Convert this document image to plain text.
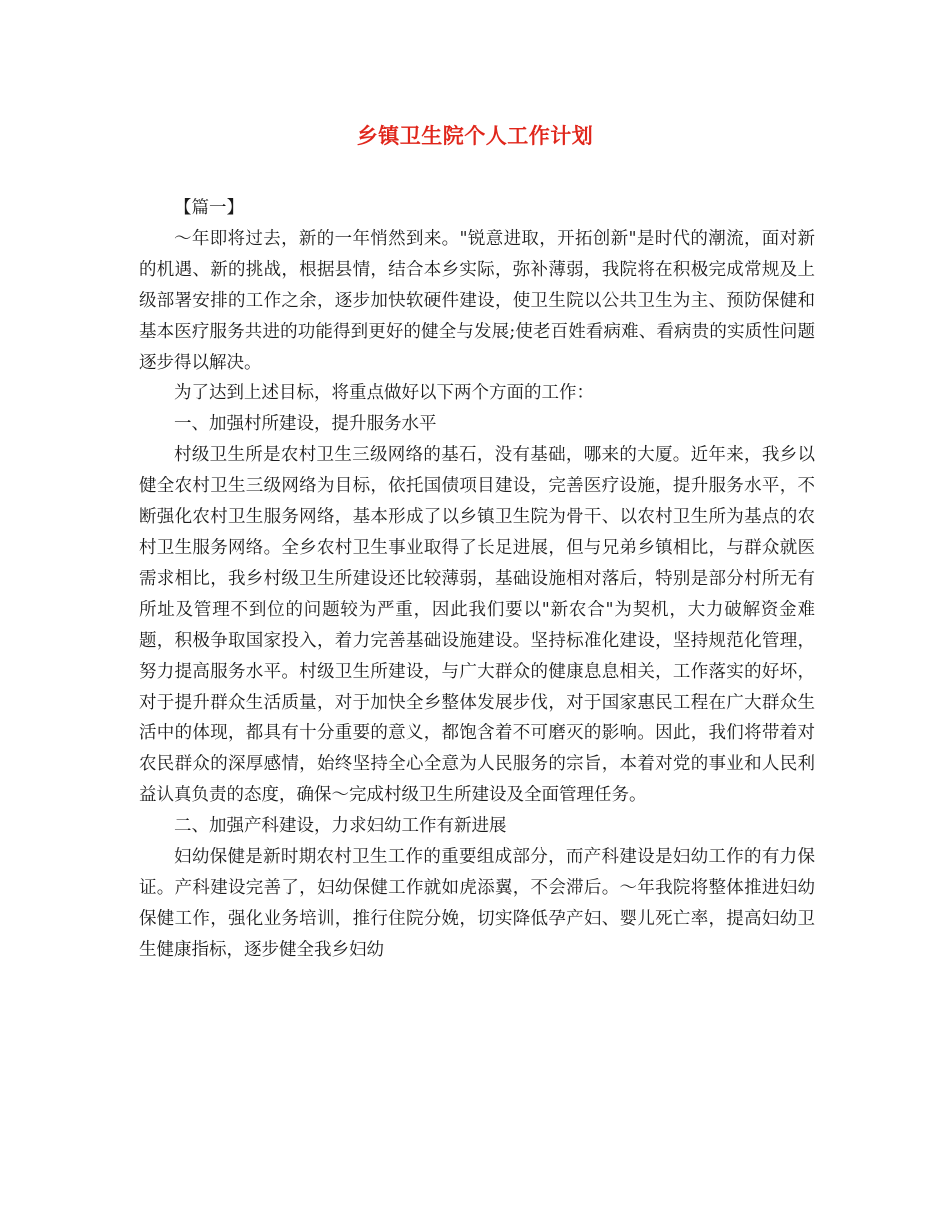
乡镇卫生院个人工作计划

【篇一】

～年即将过去，新的一年悄然到来。"锐意进取，开拓创新"是时代的潮流，面对新的机遇、新的挑战，根据县情，结合本乡实际，弥补薄弱，我院将在积极完成常规及上级部署安排的工作之余，逐步加快软硬件建设，使卫生院以公共卫生为主、预防保健和基本医疗服务共进的功能得到更好的健全与发展;使老百姓看病难、看病贵的实质性问题逐步得以解决。

为了达到上述目标，将重点做好以下两个方面的工作：

一、加强村所建设，提升服务水平

村级卫生所是农村卫生三级网络的基石，没有基础，哪来的大厦。近年来，我乡以健全农村卫生三级网络为目标，依托国债项目建设，完善医疗设施，提升服务水平，不断强化农村卫生服务网络，基本形成了以乡镇卫生院为骨干、以农村卫生所为基点的农村卫生服务网络。全乡农村卫生事业取得了长足进展，但与兄弟乡镇相比，与群众就医需求相比，我乡村级卫生所建设还比较薄弱，基础设施相对落后，特别是部分村所无有所址及管理不到位的问题较为严重，因此我们要以"新农合"为契机，大力破解资金难题，积极争取国家投入，着力完善基础设施建设。坚持标准化建设，坚持规范化管理，努力提高服务水平。村级卫生所建设，与广大群众的健康息息相关，工作落实的好坏，对于提升群众生活质量，对于加快全乡整体发展步伐，对于国家惠民工程在广大群众生活中的体现，都具有十分重要的意义，都饱含着不可磨灭的影响。因此，我们将带着对农民群众的深厚感情，始终坚持全心全意为人民服务的宗旨，本着对党的事业和人民利益认真负责的态度，确保～完成村级卫生所建设及全面管理任务。

二、加强产科建设，力求妇幼工作有新进展

妇幼保健是新时期农村卫生工作的重要组成部分，而产科建设是妇幼工作的有力保证。产科建设完善了，妇幼保健工作就如虎添翼，不会滞后。～年我院将整体推进妇幼保健工作，强化业务培训，推行住院分娩，切实降低孕产妇、婴儿死亡率，提高妇幼卫生健康指标，逐步健全我乡妇幼
